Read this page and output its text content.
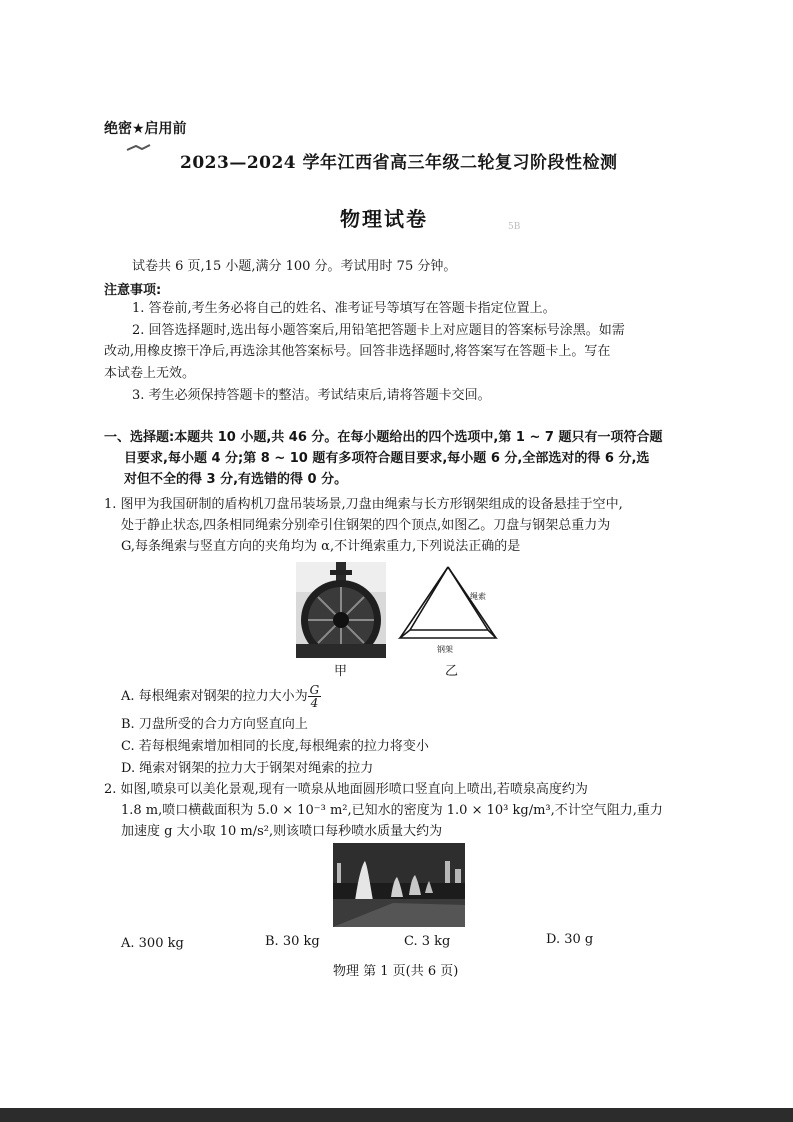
绝密★启用前
2023—2024 学年江西省高三年级二轮复习阶段性检测
物理试卷	5B
试卷共 6 页,15 小题,满分 100 分。考试用时 75 分钟。
注意事项:
1. 答卷前,考生务必将自己的姓名、准考证号等填写在答题卡指定位置上。
2. 回答选择题时,选出每小题答案后,用铅笔把答题卡上对应题目的答案标号涂黑。如需
改动,用橡皮擦干净后,再选涂其他答案标号。回答非选择题时,将答案写在答题卡上。写在
本试卷上无效。
3. 考生必须保持答题卡的整洁。考试结束后,请将答题卡交回。
一、选择题:本题共 10 小题,共 46 分。在每小题给出的四个选项中,第 1 ~ 7 题只有一项符合题
目要求,每小题 4 分;第 8 ~ 10 题有多项符合题目要求,每小题 6 分,全部选对的得 6 分,选
对但不全的得 3 分,有选错的得 0 分。
1. 图甲为我国研制的盾构机刀盘吊装场景,刀盘由绳索与长方形钢架组成的设备悬挂于空中,
处于静止状态,四条相同绳索分别牵引住钢架的四个顶点,如图乙。刀盘与钢架总重力为
G,每条绳索与竖直方向的夹角均为 α,不计绳索重力,下列说法正确的是
甲
绳索
钢架
乙
A. 每根绳索对钢架的拉力大小为 $\frac{G}{4}$
B. 刀盘所受的合力方向竖直向上
C. 若每根绳索增加相同的长度,每根绳索的拉力将变小
D. 绳索对钢架的拉力大于钢架对绳索的拉力
2. 如图,喷泉可以美化景观,现有一喷泉从地面圆形喷口竖直向上喷出,若喷泉高度约为
1.8 m,喷口横截面积为 5.0 × 10⁻³ m²,已知水的密度为 1.0 × 10³ kg/m³,不计空气阻力,重力
加速度 g 大小取 10 m/s²,则该喷口每秒喷水质量大约为
A. 300 kg	B. 30 kg	C. 3 kg	D. 30 g
物理 第 1 页(共 6 页)
